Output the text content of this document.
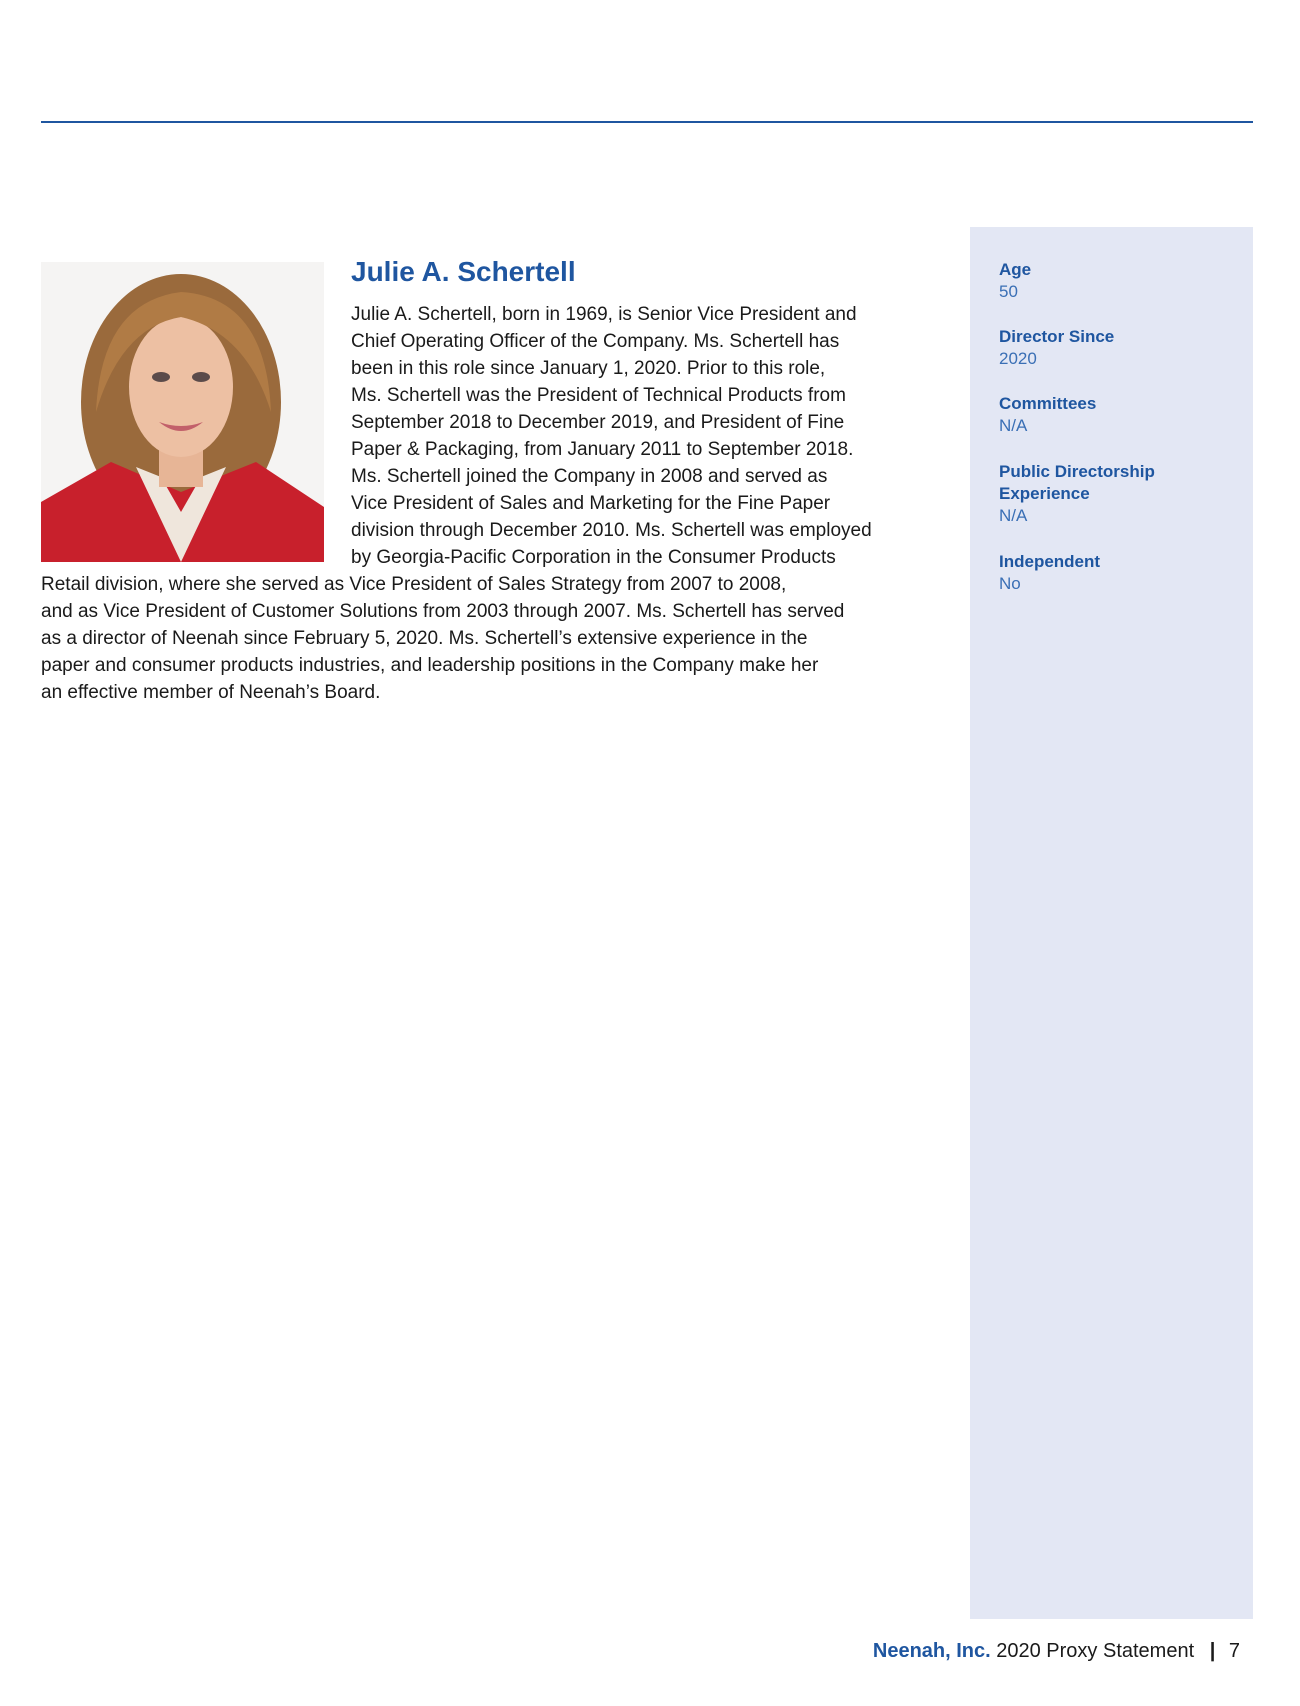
Age
50
Director Since
2020
Committees
N/A
Public Directorship Experience
N/A
Independent
No
Julie A. Schertell
Julie A. Schertell, born in 1969, is Senior Vice President and
Chief Operating Officer of the Company. Ms. Schertell has
been in this role since January 1, 2020. Prior to this role,
Ms. Schertell was the President of Technical Products from
September 2018 to December 2019, and President of Fine
Paper & Packaging, from January 2011 to September 2018.
Ms. Schertell joined the Company in 2008 and served as
Vice President of Sales and Marketing for the Fine Paper
division through December 2010. Ms. Schertell was employed
by Georgia-Pacific Corporation in the Consumer Products
Retail division, where she served as Vice President of Sales Strategy from 2007 to 2008,
and as Vice President of Customer Solutions from 2003 through 2007. Ms. Schertell has served
as a director of Neenah since February 5, 2020. Ms. Schertell’s extensive experience in the
paper and consumer products industries, and leadership positions in the Company make her
an effective member of Neenah’s Board.
Neenah, Inc. 2020 Proxy Statement | 7
